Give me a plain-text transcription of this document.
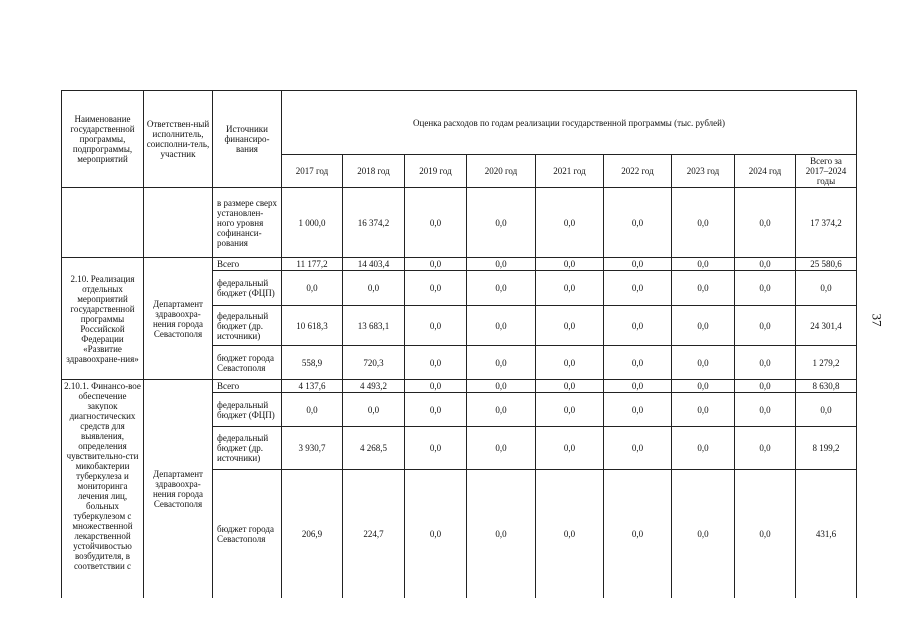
37
Наименование государственной программы, подпрограммы, мероприятий	Ответствен-ный исполнитель, соисполни-тель, участник	Источники финансиро-вания	Оценка расходов по годам реализации государственной программы (тыс. рублей)								
			2017 год	2018 год	2019 год	2020 год	2021 год	2022 год	2023 год	2024 год	Всего за 2017–2024 годы
		в размере сверх установлен-ного уровня софинанси-рования	1 000,0	16 374,2	0,0	0,0	0,0	0,0	0,0	0,0	17 374,2
2.10. Реализация отдельных мероприятий государственной программы Российской Федерации «Развитие здравоохране-ния»	Департамент здравоохра-нения города Севастополя	Всего	11 177,2	14 403,4	0,0	0,0	0,0	0,0	0,0	0,0	25 580,6
		федеральный бюджет (ФЦП)	0,0	0,0	0,0	0,0	0,0	0,0	0,0	0,0	0,0
		федеральный бюджет (др. источники)	10 618,3	13 683,1	0,0	0,0	0,0	0,0	0,0	0,0	24 301,4
		бюджет города Севастополя	558,9	720,3	0,0	0,0	0,0	0,0	0,0	0,0	1 279,2
2.10.1. Финансо-вое обеспечение закупок диагностических средств для выявления, определения чувствительно-сти микобактерии туберкулеза и мониторинга лечения лиц, больных туберкулезом с множественной лекарственной устойчивостью возбудителя, в соответствии с	Департамент здравоохра-нения города Севастополя	Всего	4 137,6	4 493,2	0,0	0,0	0,0	0,0	0,0	0,0	8 630,8
		федеральный бюджет (ФЦП)	0,0	0,0	0,0	0,0	0,0	0,0	0,0	0,0	0,0
		федеральный бюджет (др. источники)	3 930,7	4 268,5	0,0	0,0	0,0	0,0	0,0	0,0	8 199,2
		бюджет города Севастополя	206,9	224,7	0,0	0,0	0,0	0,0	0,0	0,0	431,6
